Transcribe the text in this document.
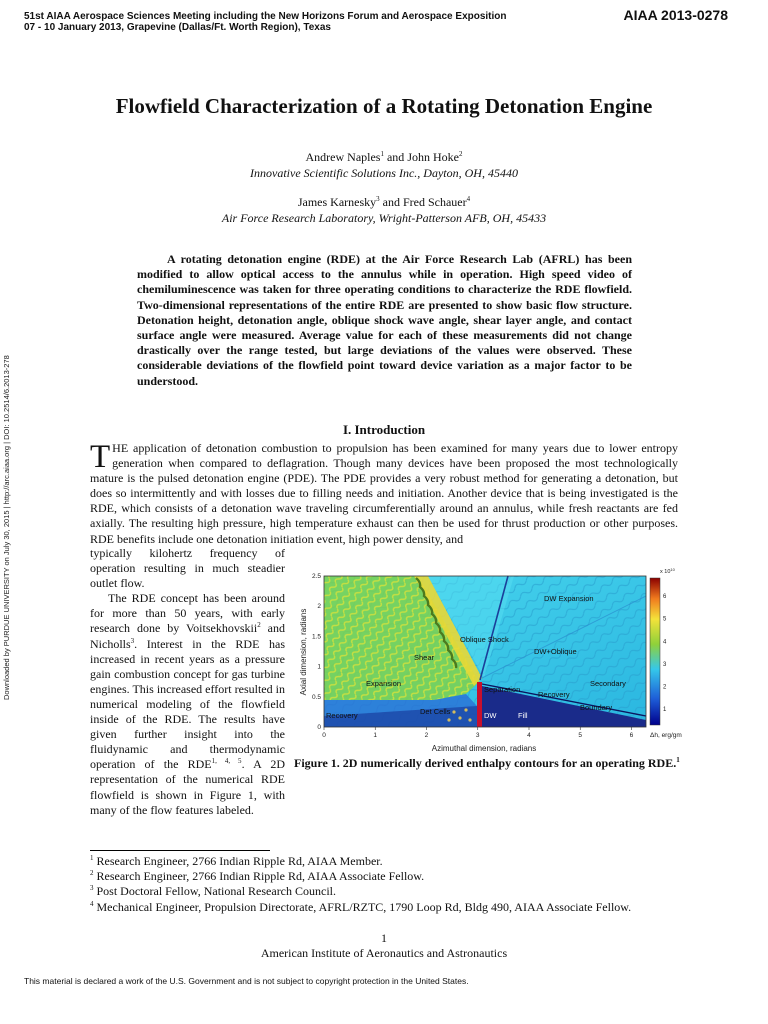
51st AIAA Aerospace Sciences Meeting including the New Horizons Forum and Aerospace Exposition
07 - 10 January 2013, Grapevine (Dallas/Ft. Worth Region), Texas
AIAA 2013-0278
Downloaded by PURDUE UNIVERSITY on July 30, 2015 | http://arc.aiaa.org | DOI: 10.2514/6.2013-278
Flowfield Characterization of a Rotating Detonation Engine
Andrew Naples$^1$ and John Hoke$^2$
Innovative Scientific Solutions Inc., Dayton, OH, 45440
James Karnesky$^3$ and Fred Schauer$^4$
Air Force Research Laboratory, Wright-Patterson AFB, OH, 45433
A rotating detonation engine (RDE) at the Air Force Research Lab (AFRL) has been modified to allow optical access to the annulus while in operation. High speed video of chemiluminescence was taken for three operating conditions to characterize the RDE flowfield. Two-dimensional representations of the entire RDE are presented to show basic flow structure. Detonation height, detonation angle, oblique shock wave angle, shear layer angle, and contact surface angle were measured. Average value for each of these measurements did not change drastically over the range tested, but large deviations of the values were observed. These considerable deviations of the flowfield point toward device variation as a major factor to be understood.
I. Introduction
THE application of detonation combustion to propulsion has been examined for many years due to lower entropy generation when compared to deflagration. Though many devices have been proposed the most technologically mature is the pulsed detonation engine (PDE). The PDE provides a very robust method for generating a detonation, but does so intermittently and with losses due to filling needs and initiation. Another device that is being investigated is the RDE, which consists of a detonation wave traveling circumferentially around an annulus, while fresh reactants are fed axially. The resulting high pressure, high temperature exhaust can then be used for thrust production or other purposes. RDE benefits include one detonation initiation event, high power density, and
typically kilohertz frequency of operation resulting in much steadier outlet flow.
The RDE concept has been around for more than 50 years, with early research done by Voitsekhovskii$^2$ and Nicholls$^3$. Interest in the RDE has increased in recent years as a pressure gain combustion concept for gas turbine engines. This increased effort resulted in numerical modeling of the flowfield inside of the RDE. The results have given further insight into the fluidynamic and thermodynamic operation of the RDE$^{1, 4, 5}$. A 2D representation of the numerical RDE flowfield is shown in Figure 1, with many of the flow features labeled.
DW Expansion
Oblique Shock
DW+Oblique
Shear
Expansion	Secondary
Separation
Recovery
Boundary
Recovery	Det Cells	DW	Fill
0	1	2	3	4	5	6
0
0.5
1
1.5
2
2.5
Azimuthal dimension, radians
Axial dimension, radians
x $10^{10}$
1
2
3
4
5
6
Δh, erg/gm
Figure 1. 2D numerically derived enthalpy contours for an operating RDE.$^1$
$^1$ Research Engineer, 2766 Indian Ripple Rd, AIAA Member.
$^2$ Research Engineer, 2766 Indian Ripple Rd, AIAA Associate Fellow.
$^3$ Post Doctoral Fellow, National Research Council.
$^4$ Mechanical Engineer, Propulsion Directorate, AFRL/RZTC, 1790 Loop Rd, Bldg 490, AIAA Associate Fellow.
1
American Institute of Aeronautics and Astronautics
This material is declared a work of the U.S. Government and is not subject to copyright protection in the United States.
